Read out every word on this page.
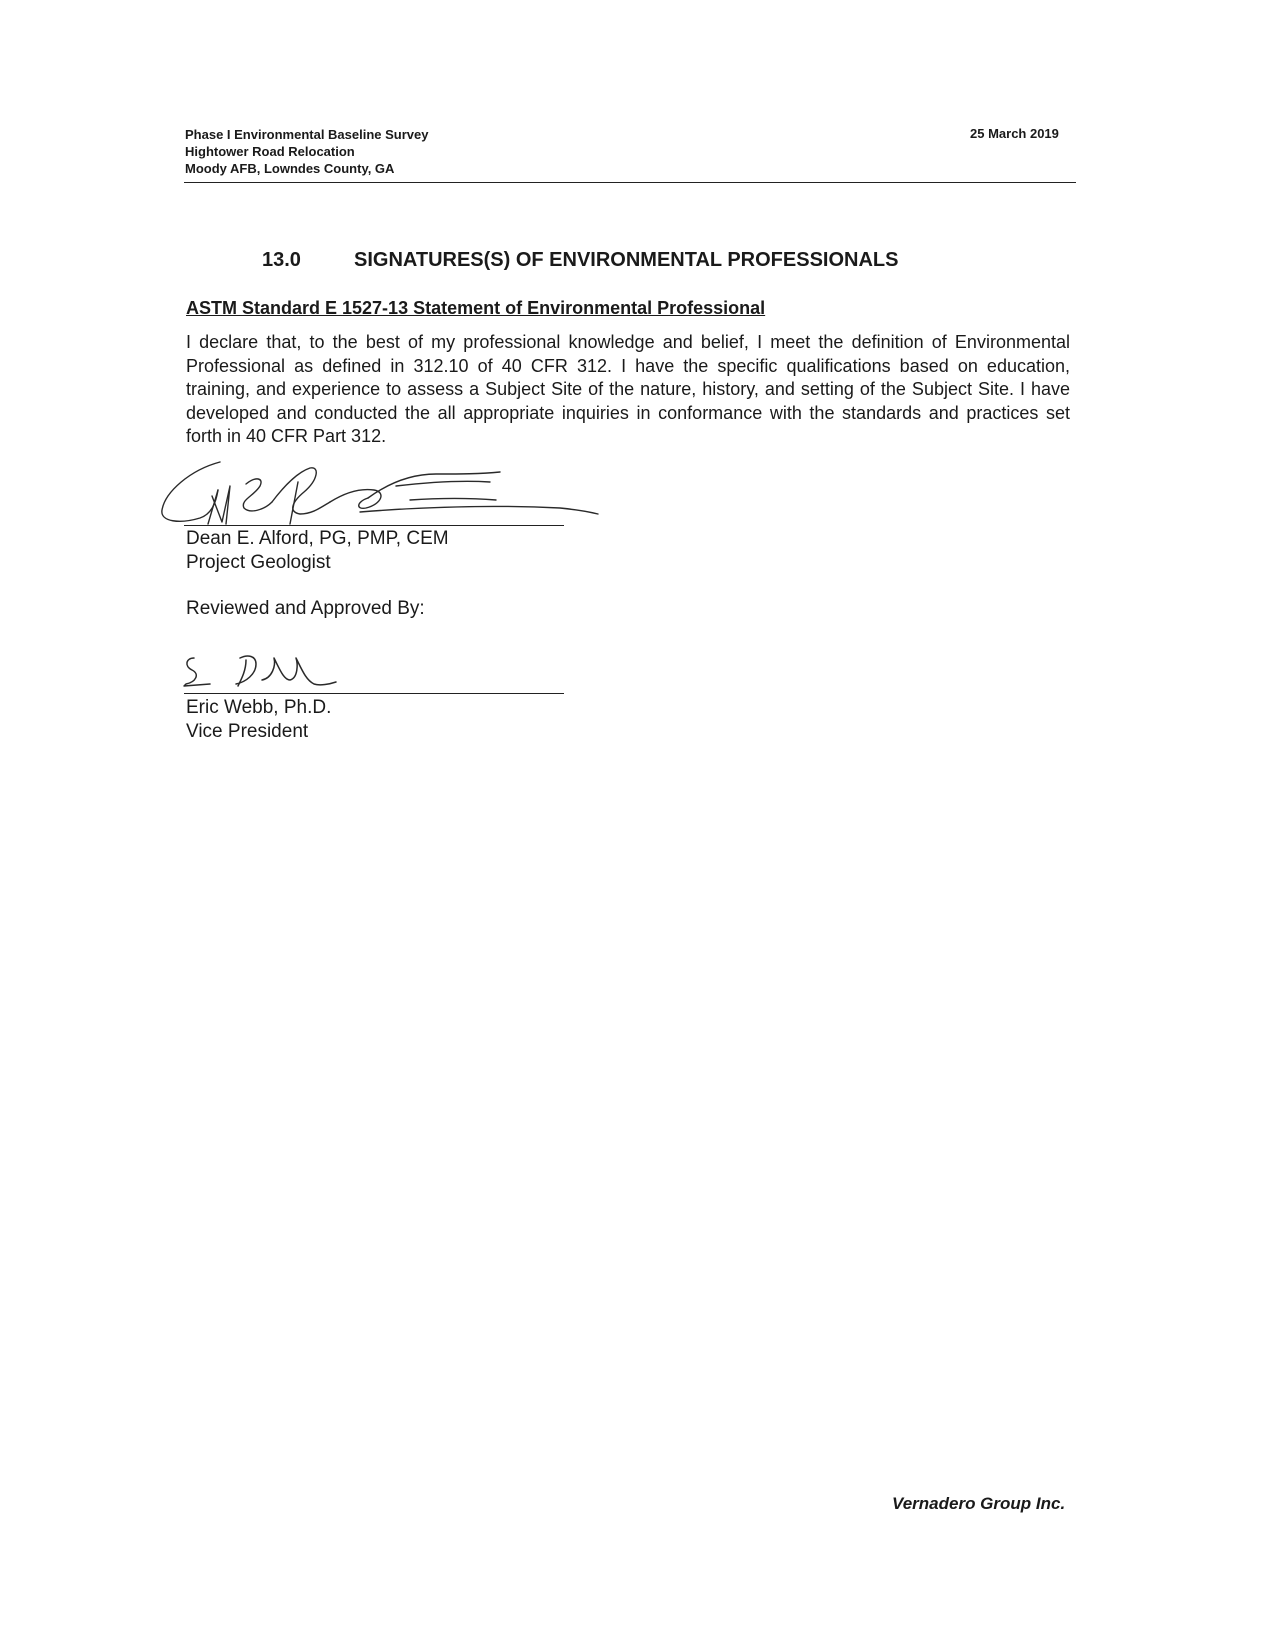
Phase I Environmental Baseline Survey
Hightower Road Relocation
Moody AFB, Lowndes County, GA
25 March 2019
13.0	SIGNATURES(S) OF ENVIRONMENTAL PROFESSIONALS
ASTM Standard E 1527-13 Statement of Environmental Professional

I declare that, to the best of my professional knowledge and belief, I meet the definition of Environmental Professional as defined in 312.10 of 40 CFR 312. I have the specific qualifications based on education, training, and experience to assess a Subject Site of the nature, history, and setting of the Subject Site. I have developed and conducted the all appropriate inquiries in conformance with the standards and practices set forth in 40 CFR Part 312.

Dean E. Alford, PG, PMP, CEM
Project Geologist
Reviewed and Approved By:
Eric Webb, Ph.D.
Vice President
Vernadero Group Inc.
